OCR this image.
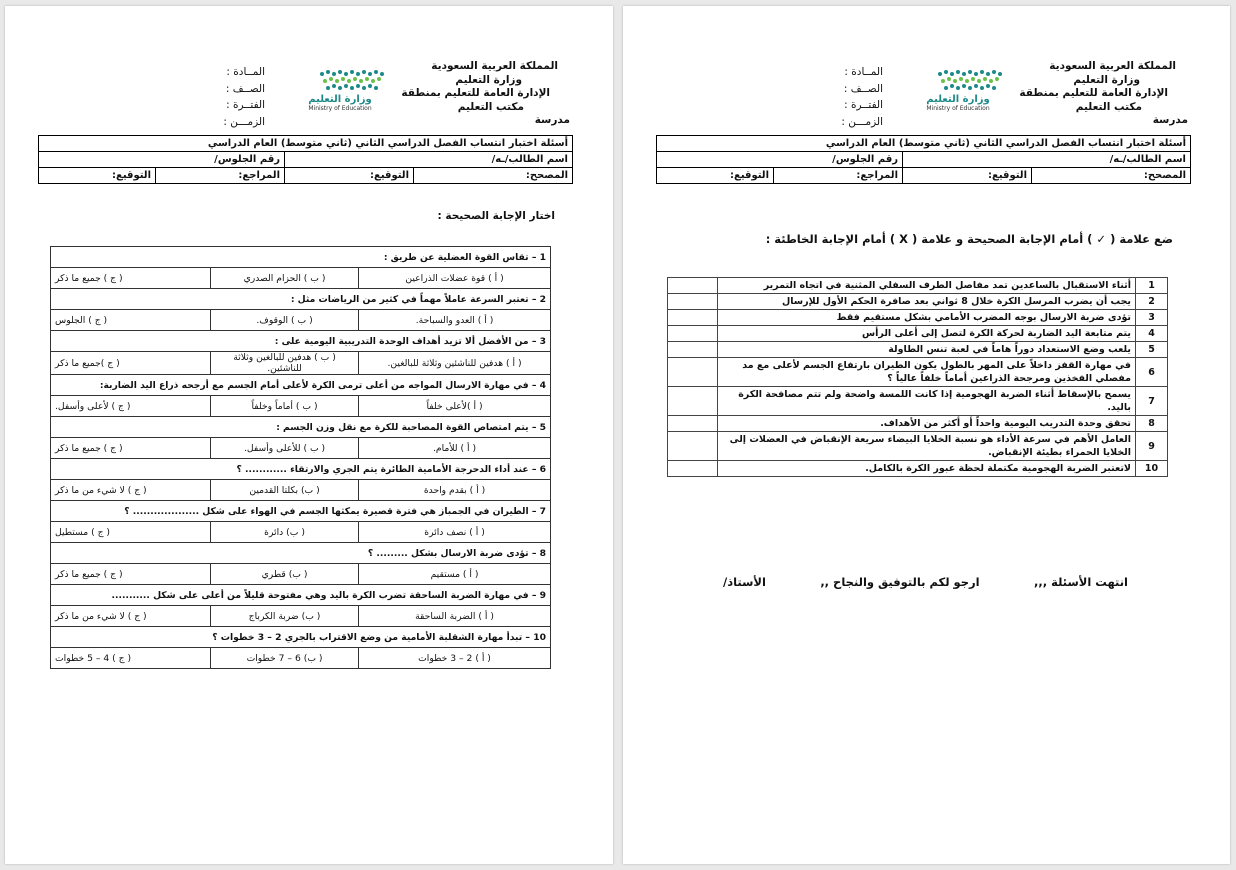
المملكة العربية السعودية
وزارة التعليم
الإدارة العامة للتعليم بمنطقة
مكتب التعليم
مدرسة
وزارة التعليم
Ministry of Education
المــادة :
الصــف :
الفتــرة :
الزمـــن :
أسئلة اختبار انتساب الفصل الدراسي الثاني (ثاني متوسط) العام الدراسي			
اسم الطالب/ـه/		رقم الجلوس/	
المصحح:	التوقيع:	المراجع:	التوقيع:
اختار الإجابة الصحيحة :
1 – تقاس القوة العضلية عن طريق :		
( أ ) قوة عضلات الذراعين	( ب ) الحزام الصدري	( ج ) جميع ما ذكر
2 – تعتبر السرعة عاملاً مهماً في كثير من الرياضات مثل :		
( أ ) العدو والسباحة.	( ب ) الوقوف.	( ج ) الجلوس
3 – من الأفضل ألا تزيد أهداف الوحدة التدريبية اليومية على :		
( أ ) هدفين للناشئين وثلاثة للبالغين.	( ب ) هدفين للبالغين وثلاثة للناشئين.	( ج )جميع ما ذكر
4 – في مهارة الارسال المواجه من أعلى ترمى الكرة لأعلى أمام الجسم مع أرجحه ذراع اليد الضاربة:		
( أ )لأعلى خلفاً	( ب ) أماماً وخلفاً	( ج ) لأعلى وأسفل.
5 – يتم امتصاص القوة المصاحبة للكرة مع نقل وزن الجسم :		
( أ ) للأمام.	( ب ) للأعلى وأسفل.	( ج ) جميع ما ذكر
6 – عند أداء الدحرجة الأمامية الطائرة يتم الجري والارتقاء ............ ؟		
( أ ) بقدم واحدة	( ب) بكلتا القدمين	( ج ) لا شيء من ما ذكر
7 – الطيران في الجمباز هي فترة قصيرة يمكثها الجسم في الهواء على شكل ................... ؟		
( أ ) نصف دائرة	( ب) دائرة	( ج ) مستطيل
8 – تؤدى ضربة الارسال بشكل ......... ؟		
( أ ) مستقيم	( ب) قطري	( ج ) جميع ما ذكر
9 – في مهارة الضربة الساحقة تضرب الكرة باليد وهي مفتوحة قليلاً من أعلى على شكل ...........		
( أ ) الضربة الساحقة	( ب) ضربة الكرباج	( ج ) لا شيء من ما ذكر
10 – تبدأ مهارة الشقلبة الأمامية من وضع الاقتراب بالجري 2 – 3 خطوات ؟		
( أ ) 2 – 3 خطوات	( ب) 6 – 7 خطوات	( ج ) 4 – 5 خطوات
المملكة العربية السعودية
وزارة التعليم
الإدارة العامة للتعليم بمنطقة
مكتب التعليم
مدرسة
وزارة التعليم
Ministry of Education
المــادة :
الصــف :
الفتــرة :
الزمـــن :
أسئلة اختبار انتساب الفصل الدراسي الثاني (ثاني متوسط) العام الدراسي			
اسم الطالب/ـه/		رقم الجلوس/	
المصحح:	التوقيع:	المراجع:	التوقيع:
ضع علامة ( ✓ ) أمام الإجابة الصحيحة و علامة ( X ) أمام الإجابة الخاطئة :
1	أثناء الاستقبال بالساعدين تمد مفاصل الطرف السفلي المثنية في اتجاه التمرير	
2	يجب أن يضرب المرسل الكرة خلال 8 ثواني بعد صافرة الحكم الأول للإرسال	
3	تؤدى ضربة الارسال بوجه المضرب الأمامي بشكل مستقيم فقط	
4	يتم متابعة اليد الضاربة لحركة الكرة لتصل إلى أعلى الرأس	
5	يلعب وضع الاستعداد دوراً هاماً في لعبة تنس الطاولة	
6	في مهارة القفز داخلاً على المهر بالطول يكون الطيران بارتفاع الجسم لأعلى مع مد مفصلي الفخذين ومرجحة الذراعين أماماً خلفاً عالياً ؟	
7	يسمح بالإسقاط أثناء الضربة الهجومية إذا كانت اللمسة واضحة ولم تتم مصافحة الكرة باليد.	
8	تحقق وحدة التدريب اليومية واحداً أو أكثر من الأهداف.	
9	العامل الأهم في سرعة الأداء هو نسبة الخلايا البيضاء سريعة الإنقباض في العضلات إلى الخلايا الحمراء بطيئة الإنقباض.	
10	لاتعتبر الضربة الهجومية مكتملة لحظة عبور الكرة بالكامل.	
انتهت الأسئلة ,,,
ارجو لكم بالتوفيق والنجاح ,,
الأستاذ/
